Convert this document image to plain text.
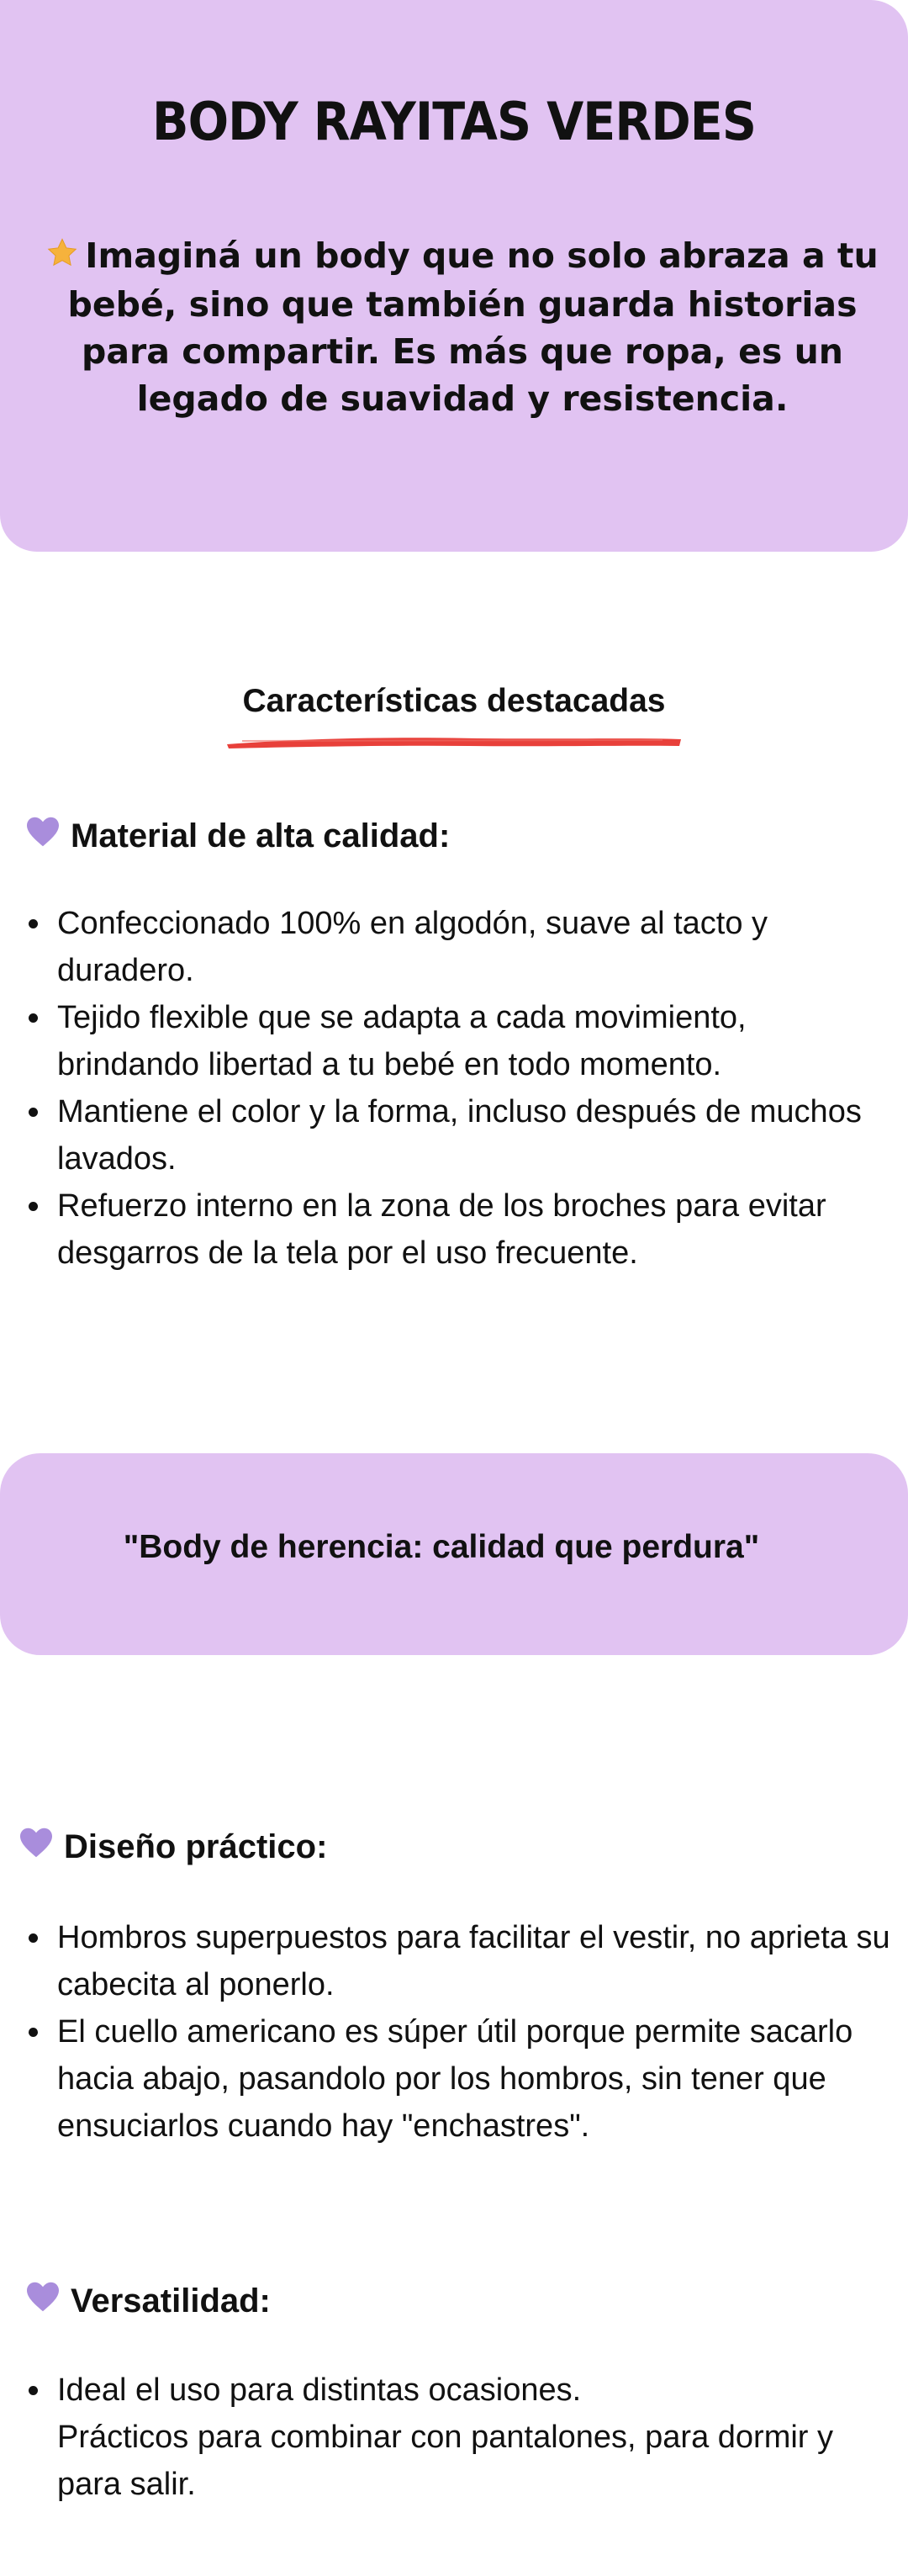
BODY RAYITAS VERDES
Imaginá un body que no solo abraza a tu bebé, sino que también guarda historias para compartir. Es más que ropa, es un legado de suavidad y resistencia.
Características destacadas
Material de alta calidad:
Confeccionado 100% en algodón, suave al tacto y duradero.
Tejido flexible que se adapta a cada movimiento, brindando libertad a tu bebé en todo momento.
Mantiene el color y la forma, incluso después de muchos lavados.
Refuerzo interno en la zona de los broches para evitar desgarros de la tela por el uso frecuente.
"Body de herencia: calidad que perdura"
Diseño práctico:
Hombros superpuestos para facilitar el vestir, no aprieta su cabecita al ponerlo.
El cuello americano es súper útil porque permite sacarlo hacia abajo, pasandolo por los hombros, sin tener que ensuciarlos cuando hay "enchastres".
Versatilidad:
Ideal el uso para distintas ocasiones.
Prácticos para combinar con pantalones, para dormir y para salir.
